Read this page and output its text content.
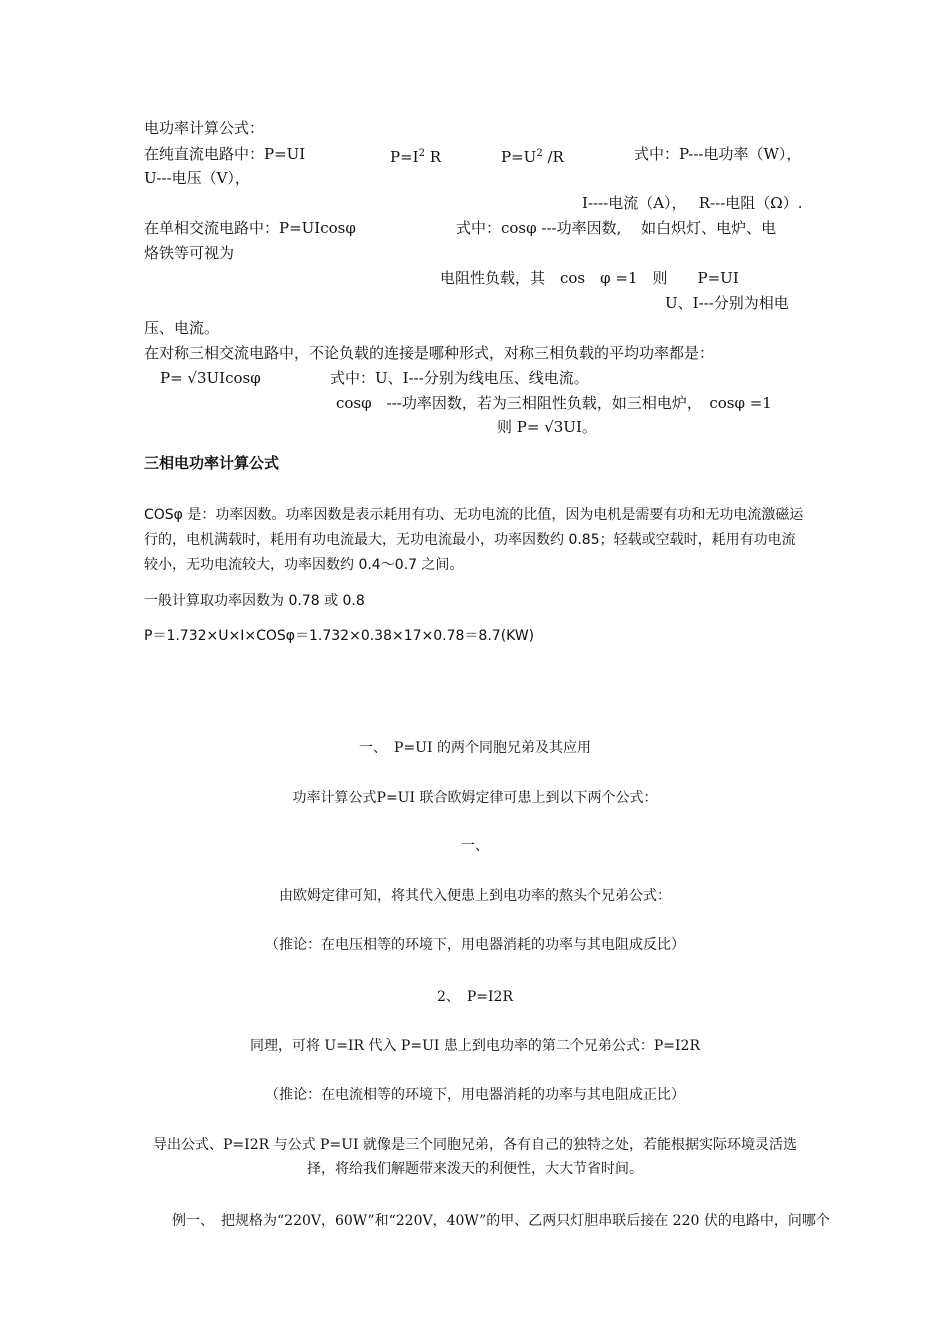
电功率计算公式：
在纯直流电路中：P=UI	$P=I^2$ R	$P=U^2$ /R	式中：P---电功率（W），
U---电压（V），
I----电流（A），　 R---电阻（Ω）.
在单相交流电路中：P=UIcosφ	式中：cosφ ---功率因数,　 如白炽灯、电炉、电
烙铁等可视为
电阻性负载，其　cos　φ =1　则　　P=UI
U、I---分别为相电
压、电流。
在对称三相交流电路中，不论负载的连接是哪种形式，对称三相负载的平均功率都是：
P= √3UIcosφ	式中：U、I---分别为线电压、线电流。
cosφ　---功率因数，若为三相阻性负载，如三相电炉，　cosφ =1
则 P= √3UI。
三相电功率计算公式
COSφ 是：功率因数。功率因数是表示耗用有功、无功电流的比值，因为电机是需要有功和无功电流激磁运行的，电机满载时，耗用有功电流最大，无功电流最小，功率因数约 0.85；轻载或空载时，耗用有功电流较小，无功电流较大，功率因数约 0.4～0.7 之间。
一般计算取功率因数为 0.78 或 0.8
P＝1.732×U×I×COSφ＝1.732×0.38×17×0.78＝8.7(KW)
一、　P=UI 的两个同胞兄弟及其应用
功率计算公式P=UI 联合欧姆定律可患上到以下两个公式：
一、
由欧姆定律可知，将其代入便患上到电功率的熬头个兄弟公式：
（推论：在电压相等的环境下，用电器消耗的功率与其电阻成反比）
2、　P=I2R
同理，可将 U=IR 代入 P=UI 患上到电功率的第二个兄弟公式：P=I2R
（推论：在电流相等的环境下，用电器消耗的功率与其电阻成正比）
导出公式、P=I2R 与公式 P=UI 就像是三个同胞兄弟，各有自己的独特之处，若能根据实际环境灵活选
择，将给我们解题带来泼天的利便性，大大节省时间。
例一、　把规格为“220V，60W”和“220V，40W”的甲、乙两只灯胆串联后接在 220 伏的电路中，问哪个
